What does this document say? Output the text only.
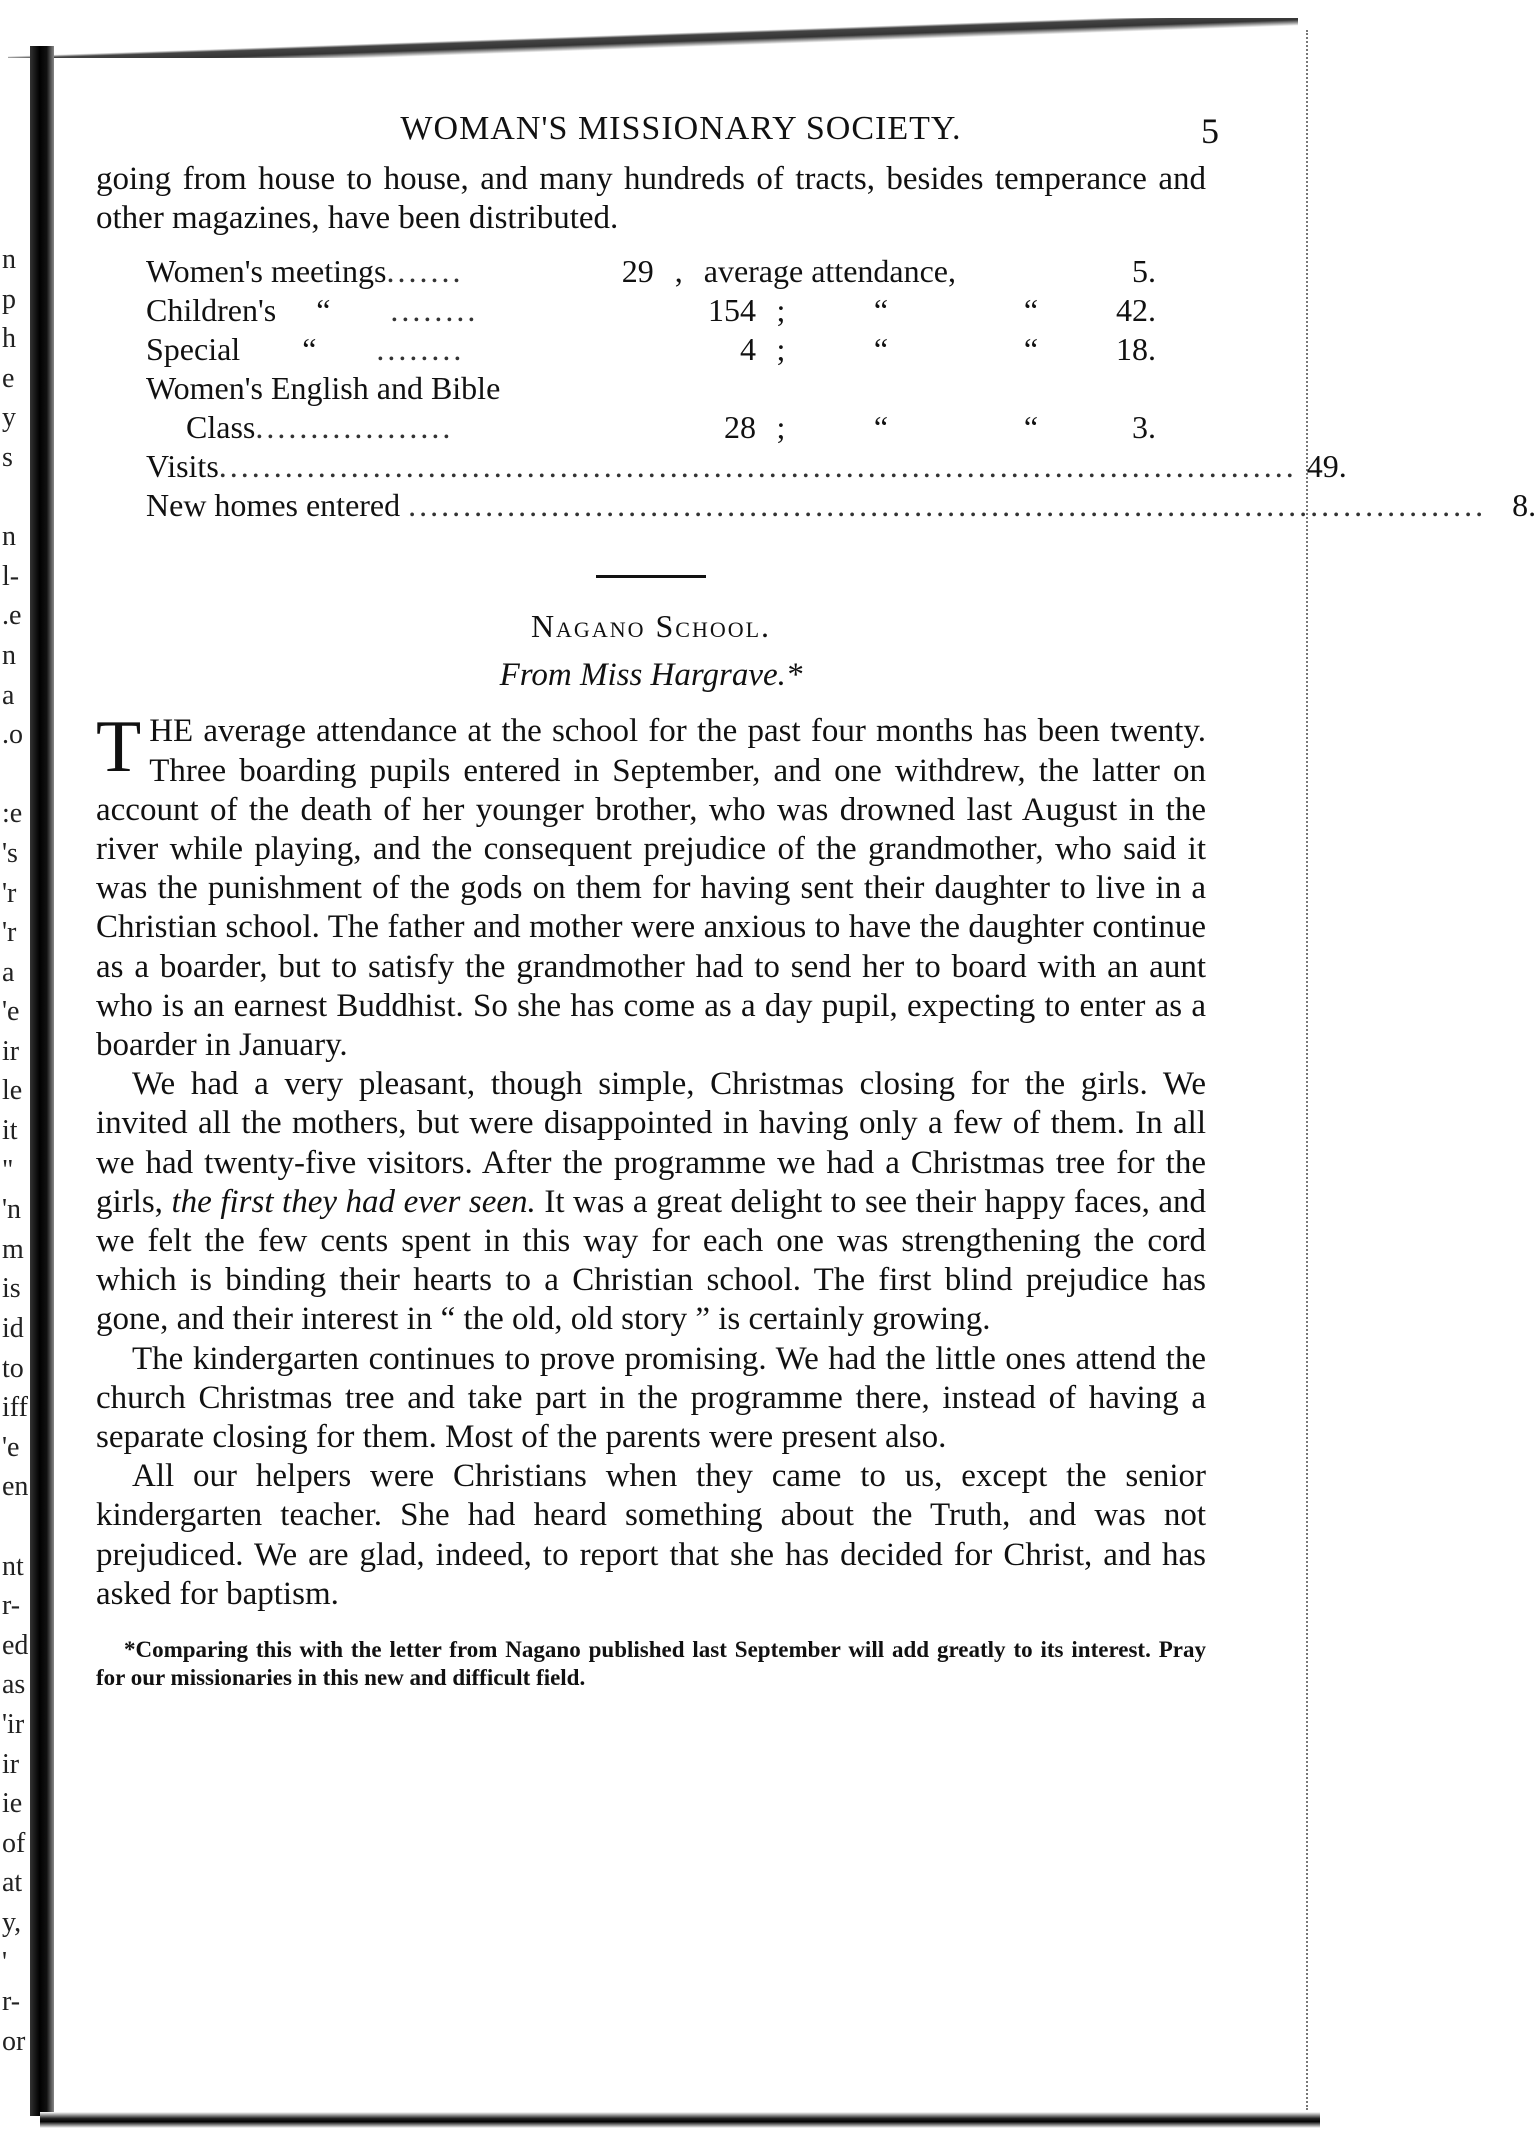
n
p
h
e
y
s
n
l-
.e
n
a
.o
:e
's
'r
'r
a
'e
ir
le
it
"
'n
m
is
id
to
iff
'e
en
nt
r-
ed
as
'ir
ir
ie
of
at
y,
'
r-
or
WOMAN'S MISSIONARY SOCIETY.	5

going from house to house, and many hundreds of tracts, besides temperance and other magazines, have been distributed.

Women's meetings .......	29 , average attendance,	5.
Children's	“	........	154 ;	“	“	42.
Special	“	........	4 ;	“	“	18.
Women's English and Bible
Class ..................	28 ;	“	“	3.
Visits .................................................................................................. 49.
New homes entered .................................................................................................. 8.
Nagano School.
From Miss Hargrave.*

THE average attendance at the school for the past four months has been twenty. Three boarding pupils entered in September, and one withdrew, the latter on account of the death of her younger brother, who was drowned last August in the river while playing, and the consequent prejudice of the grandmother, who said it was the punishment of the gods on them for having sent their daughter to live in a Christian school. The father and mother were anxious to have the daughter continue as a boarder, but to satisfy the grandmother had to send her to board with an aunt who is an earnest Buddhist. So she has come as a day pupil, expecting to enter as a boarder in January.

We had a very pleasant, though simple, Christmas closing for the girls. We invited all the mothers, but were disappointed in having only a few of them. In all we had twenty-five visitors. After the programme we had a Christmas tree for the girls, the first they had ever seen. It was a great delight to see their happy faces, and we felt the few cents spent in this way for each one was strengthening the cord which is binding their hearts to a Christian school. The first blind prejudice has gone, and their interest in “ the old, old story ” is certainly growing.

The kindergarten continues to prove promising. We had the little ones attend the church Christmas tree and take part in the programme there, instead of having a separate closing for them. Most of the parents were present also.

All our helpers were Christians when they came to us, except the senior kindergarten teacher. She had heard something about the Truth, and was not prejudiced. We are glad, indeed, to report that she has decided for Christ, and has asked for baptism.

*Comparing this with the letter from Nagano published last September will add greatly to its interest. Pray for our missionaries in this new and difficult field.
